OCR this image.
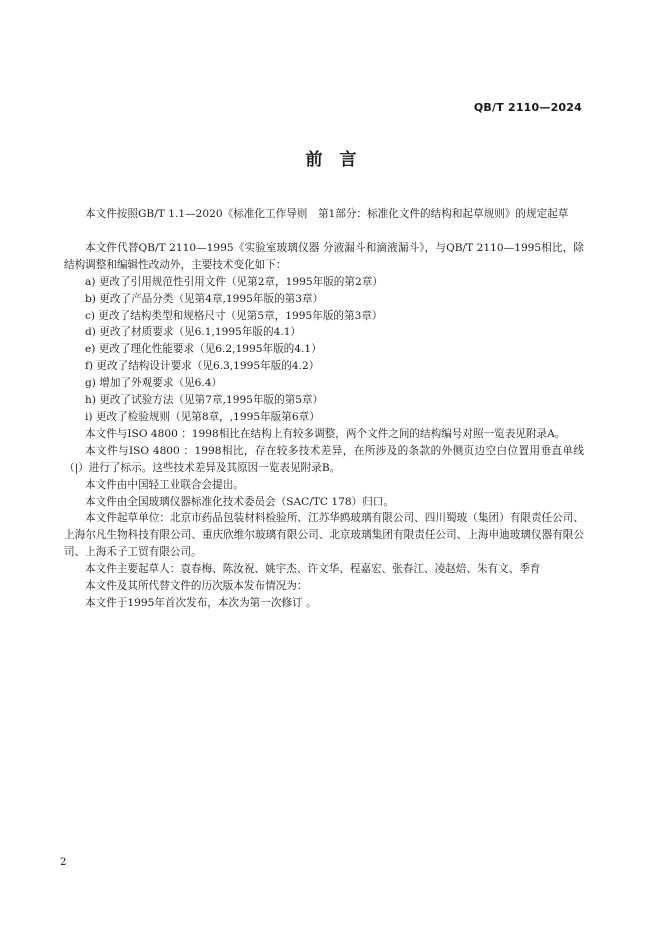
QB/T 2110—2024
前　言

本文件按照GB/T 1.1—2020《标准化工作导则　第1部分：标准化文件的结构和起草规则》的规定起草

本文件代替QB/T 2110—1995《实验室玻璃仪器 分液漏斗和滴液漏斗》，与QB/T 2110—1995相比，除结构调整和编辑性改动外，主要技术变化如下：

a) 更改了引用规范性引用文件（见第2章，1995年版的第2章）

b) 更改了产品分类（见第4章,1995年版的第3章）

c) 更改了结构类型和规格尺寸（见第5章，1995年版的第3章）

d) 更改了材质要求（见6.1,1995年版的4.1）

e) 更改了理化性能要求（见6.2,1995年版的4.1）

f) 更改了结构设计要求（见6.3,1995年版的4.2）

g) 增加了外观要求（见6.4）

h) 更改了试验方法（见第7章,1995年版的第5章）

i) 更改了检验规则（见第8章，,1995年版第6章）

本文件与ISO 4800 ：1998相比在结构上有较多调整，两个文件之间的结构编号对照一览表见附录A。

本文件与ISO 4800 ：1998相比，存在较多技术差异，在所涉及的条款的外侧页边空白位置用垂直单线（|）进行了标示。这些技术差异及其原因一览表见附录B。

本文件由中国轻工业联合会提出。

本文件由全国玻璃仪器标准化技术委员会（SAC/TC 178）归口。

本文件起草单位：北京市药品包装材料检验所、江苏华鸥玻璃有限公司、四川蜀玻（集团）有限责任公司、上海尔凡生物科技有限公司、重庆欣维尔玻璃有限公司、北京玻璃集团有限责任公司、上海申迪玻璃仪器有限公司、上海禾子工贸有限公司。

本文件主要起草人：袁春梅、陈汝祝、姚宇杰、许文华、程嘉宏、张春江、凌赵焙、朱有文、季育

本文件及其所代替文件的历次版本发布情况为：

本文件于1995年首次发布，本次为第一次修订 。

2
